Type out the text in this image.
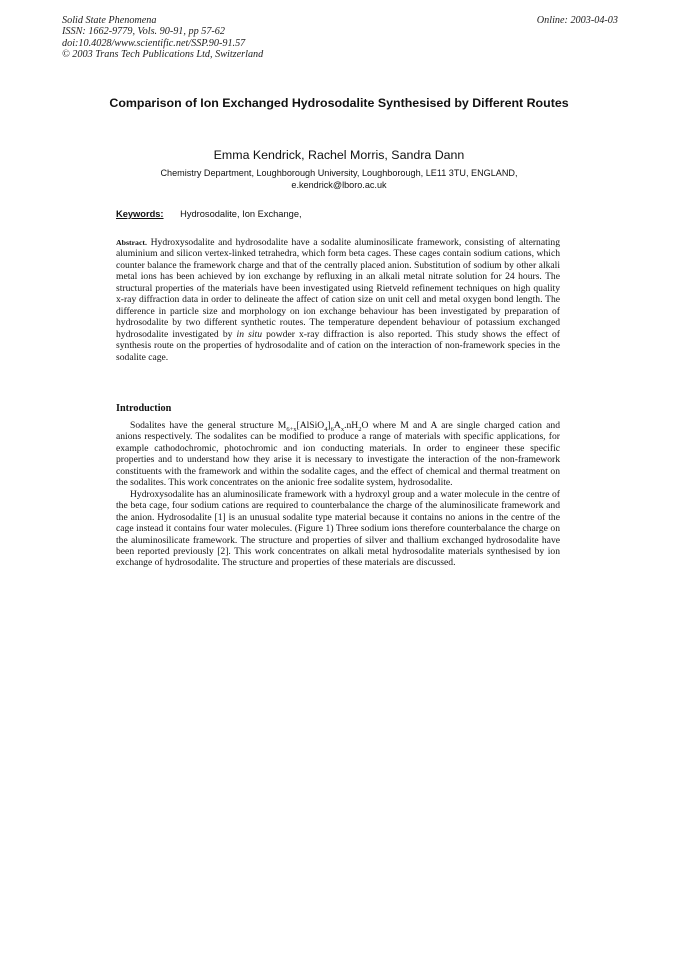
Solid State Phenomena
ISSN: 1662-9779, Vols. 90-91, pp 57-62
doi:10.4028/www.scientific.net/SSP.90-91.57
© 2003 Trans Tech Publications Ltd, Switzerland
Online: 2003-04-03
Comparison of Ion Exchanged Hydrosodalite Synthesised by Different Routes
Emma Kendrick, Rachel Morris, Sandra Dann
Chemistry Department, Loughborough University, Loughborough, LE11 3TU, ENGLAND,
e.kendrick@lboro.ac.uk
Keywords: Hydrosodalite, Ion Exchange,
Abstract. Hydroxysodalite and hydrosodalite have a sodalite aluminosilicate framework, consisting of alternating aluminium and silicon vertex-linked tetrahedra, which form beta cages. These cages contain sodium cations, which counter balance the framework charge and that of the centrally placed anion. Substitution of sodium by other alkali metal ions has been achieved by ion exchange by refluxing in an alkali metal nitrate solution for 24 hours. The structural properties of the materials have been investigated using Rietveld refinement techniques on high quality x-ray diffraction data in order to delineate the affect of cation size on unit cell and metal oxygen bond length. The difference in particle size and morphology on ion exchange behaviour has been investigated by preparation of hydrosodalite by two different synthetic routes. The temperature dependent behaviour of potassium exchanged hydrosodalite investigated by in situ powder x-ray diffraction is also reported. This study shows the effect of synthesis route on the properties of hydrosodalite and of cation on the interaction of non-framework species in the sodalite cage.
Introduction

Sodalites have the general structure $M_{6+x}[AlSiO_4]_6A_x.nH_2O$ where M and A are single charged cation and anions respectively. The sodalites can be modified to produce a range of materials with specific applications, for example cathodochromic, photochromic and ion conducting materials. In order to engineer these specific properties and to understand how they arise it is necessary to investigate the interaction of the non-framework constituents with the framework and within the sodalite cages, and the effect of chemical and thermal treatment on the sodalites. This work concentrates on the anionic free sodalite system, hydrosodalite.

Hydroxysodalite has an aluminosilicate framework with a hydroxyl group and a water molecule in the centre of the beta cage, four sodium cations are required to counterbalance the charge of the aluminosilicate framework and the anion. Hydrosodalite [1] is an unusual sodalite type material because it contains no anions in the centre of the cage instead it contains four water molecules. (Figure 1) Three sodium ions therefore counterbalance the charge on the aluminosilicate framework. The structure and properties of silver and thallium exchanged hydrosodalite have been reported previously [2]. This work concentrates on alkali metal hydrosodalite materials synthesised by ion exchange of hydrosodalite. The structure and properties of these materials are discussed.
